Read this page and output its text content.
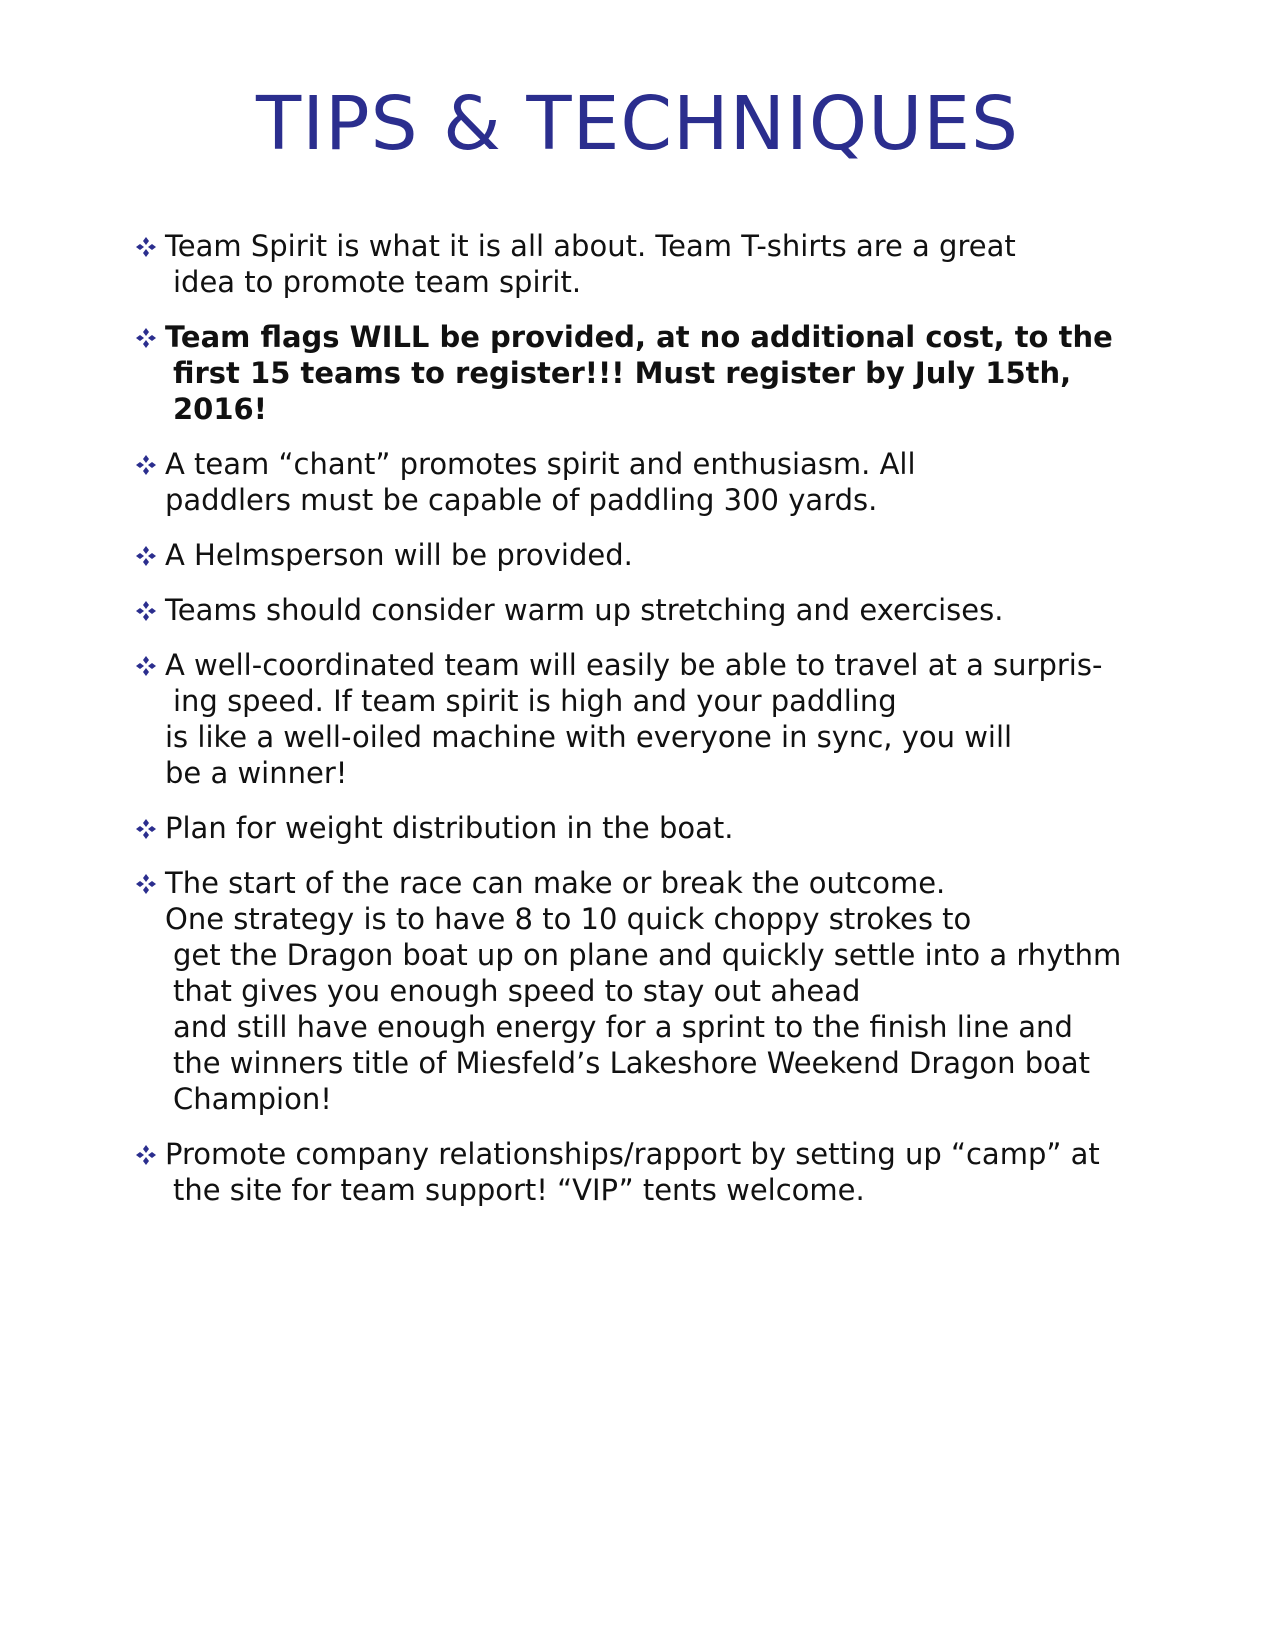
TIPS & TECHNIQUES
Team Spirit is what it is all about. Team T-shirts are a great
idea to promote team spirit.
Team flags WILL be provided, at no additional cost, to the
first 15 teams to register!!! Must register by July 15th,
2016!
A team “chant” promotes spirit and enthusiasm. All
paddlers must be capable of paddling 300 yards.
A Helmsperson will be provided.
Teams should consider warm up stretching and exercises.
A well-coordinated team will easily be able to travel at a surpris-
ing speed. If team spirit is high and your paddling
is like a well-oiled machine with everyone in sync, you will
be a winner!
Plan for weight distribution in the boat.
The start of the race can make or break the outcome.
One strategy is to have 8 to 10 quick choppy strokes to
get the Dragon boat up on plane and quickly settle into a rhythm
that gives you enough speed to stay out ahead
and still have enough energy for a sprint to the finish line and
the winners title of Miesfeld’s Lakeshore Weekend Dragon boat
Champion!
Promote company relationships/rapport by setting up “camp” at
the site for team support! “VIP” tents welcome.
